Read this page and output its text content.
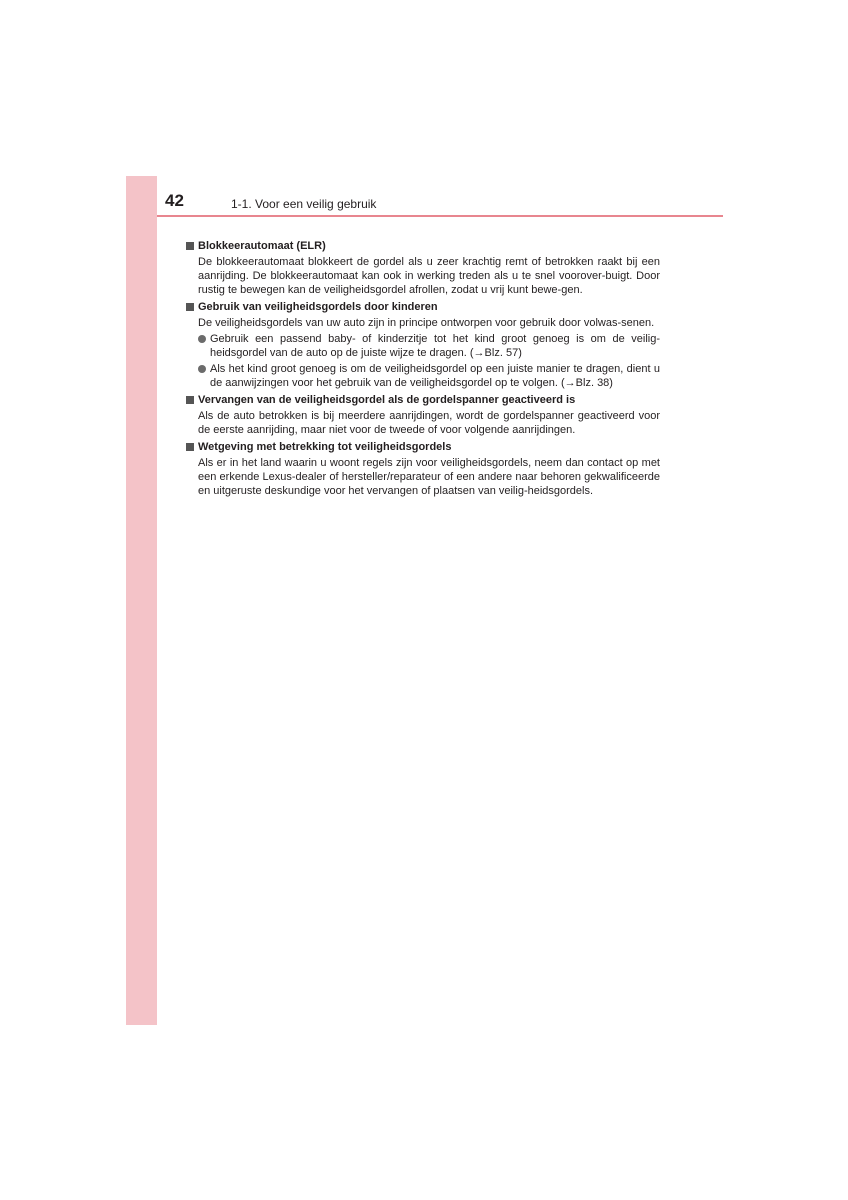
42	1-1. Voor een veilig gebruik
Blokkeerautomaat (ELR)
De blokkeerautomaat blokkeert de gordel als u zeer krachtig remt of betrokken raakt bij een aanrijding. De blokkeerautomaat kan ook in werking treden als u te snel voorover-buigt. Door rustig te bewegen kan de veiligheidsgordel afrollen, zodat u vrij kunt bewe-gen.
Gebruik van veiligheidsgordels door kinderen
De veiligheidsgordels van uw auto zijn in principe ontworpen voor gebruik door volwas-senen.
Gebruik een passend baby- of kinderzitje tot het kind groot genoeg is om de veilig-heidsgordel van de auto op de juiste wijze te dragen. (→Blz. 57)
Als het kind groot genoeg is om de veiligheidsgordel op een juiste manier te dragen, dient u de aanwijzingen voor het gebruik van de veiligheidsgordel op te volgen. (→Blz. 38)
Vervangen van de veiligheidsgordel als de gordelspanner geactiveerd is
Als de auto betrokken is bij meerdere aanrijdingen, wordt de gordelspanner geactiveerd voor de eerste aanrijding, maar niet voor de tweede of voor volgende aanrijdingen.
Wetgeving met betrekking tot veiligheidsgordels
Als er in het land waarin u woont regels zijn voor veiligheidsgordels, neem dan contact op met een erkende Lexus-dealer of hersteller/reparateur of een andere naar behoren gekwalificeerde en uitgeruste deskundige voor het vervangen of plaatsen van veilig-heidsgordels.
